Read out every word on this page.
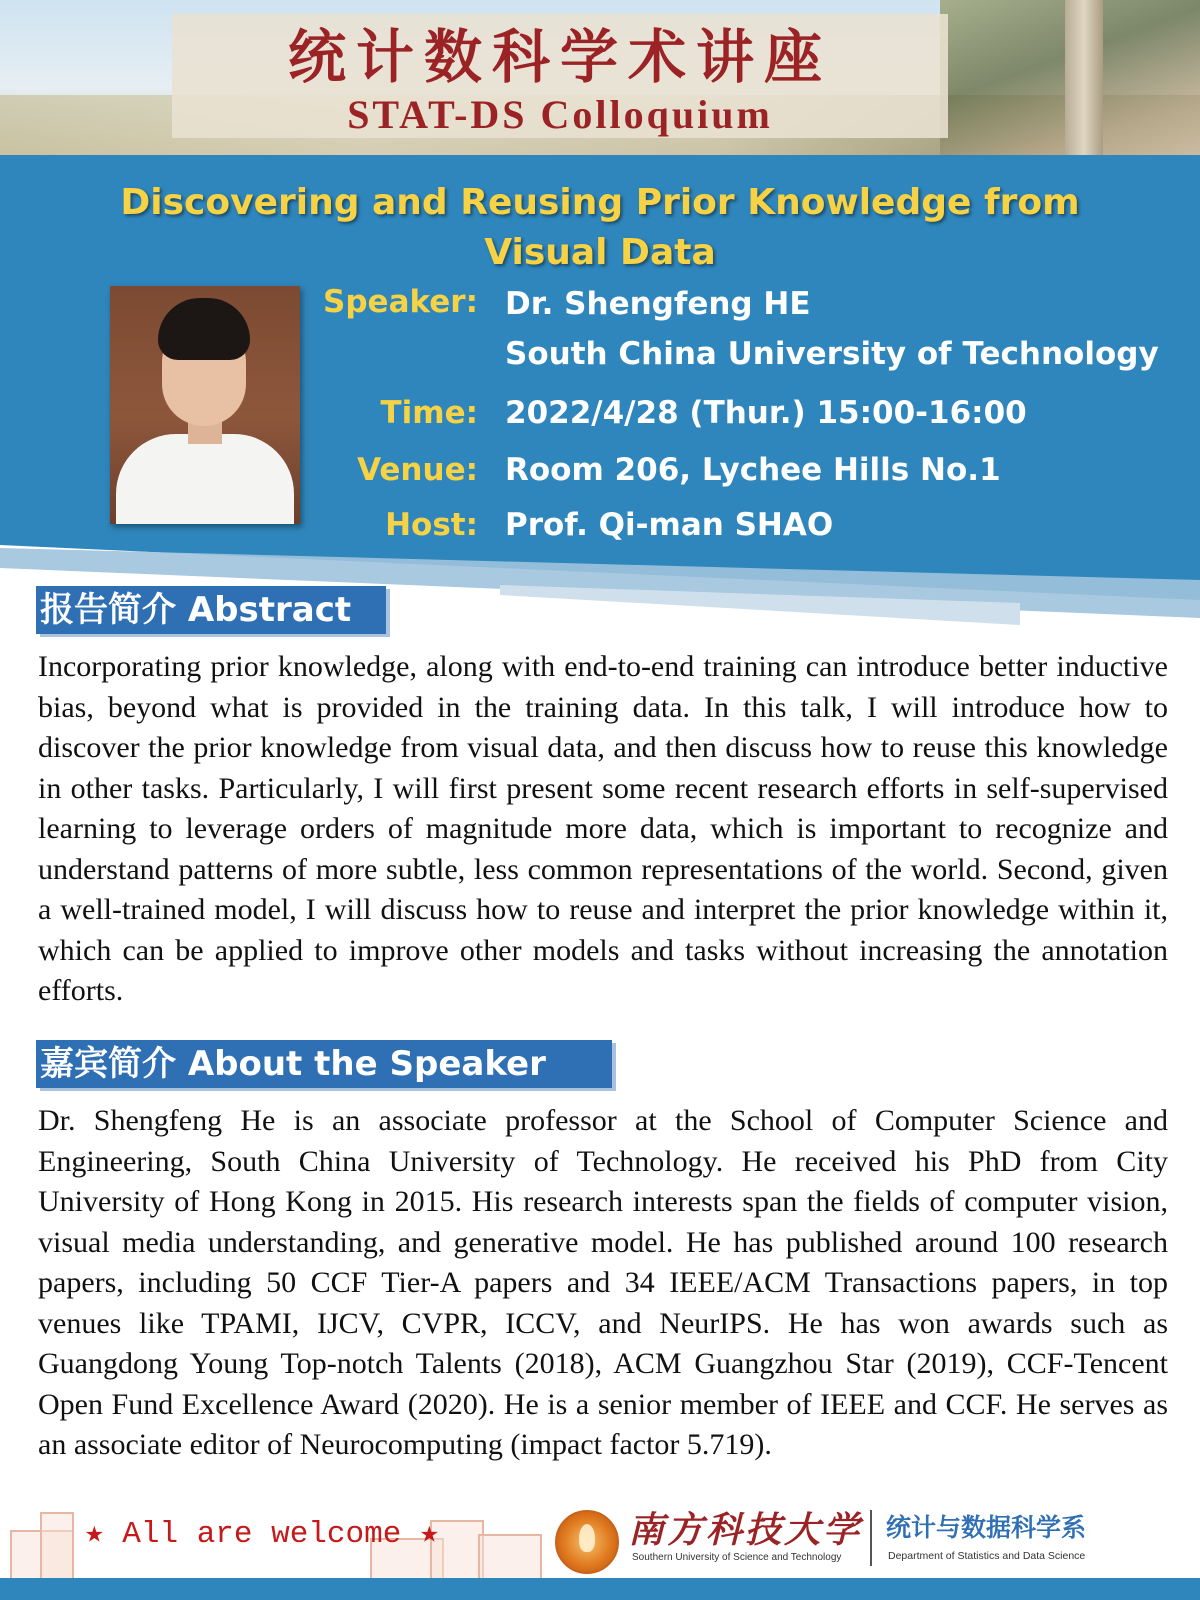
统计数科学术讲座
STAT-DS Colloquium
Discovering and Reusing Prior Knowledge from Visual Data
Speaker: Dr. Shengfeng HE
South China University of Technology
Time: 2022/4/28 (Thur.) 15:00-16:00
Venue: Room 206, Lychee Hills No.1
Host: Prof. Qi-man SHAO
报告简介 Abstract

Incorporating prior knowledge, along with end-to-end training can introduce better inductive bias, beyond what is provided in the training data. In this talk, I will introduce how to discover the prior knowledge from visual data, and then discuss how to reuse this knowledge in other tasks. Particularly, I will first present some recent research efforts in self-supervised learning to leverage orders of magnitude more data, which is important to recognize and understand patterns of more subtle, less common representations of the world. Second, given a well-trained model, I will discuss how to reuse and interpret the prior knowledge within it, which can be applied to improve other models and tasks without increasing the annotation efforts.

嘉宾简介 About the Speaker

Dr. Shengfeng He is an associate professor at the School of Computer Science and Engineering, South China University of Technology. He received his PhD from City University of Hong Kong in 2015. His research interests span the fields of computer vision, visual media understanding, and generative model. He has published around 100 research papers, including 50 CCF Tier-A papers and 34 IEEE/ACM Transactions papers, in top venues like TPAMI, IJCV, CVPR, ICCV, and NeurIPS. He has won awards such as Guangdong Young Top-notch Talents (2018), ACM Guangzhou Star (2019), CCF-Tencent Open Fund Excellence Award (2020). He is a senior member of IEEE and CCF. He serves as an associate editor of Neurocomputing (impact factor 5.719).

★ All are welcome ★	南方科技大学
Southern University of Science and Technology
统计与数据科学系
Department of Statistics and Data Science
